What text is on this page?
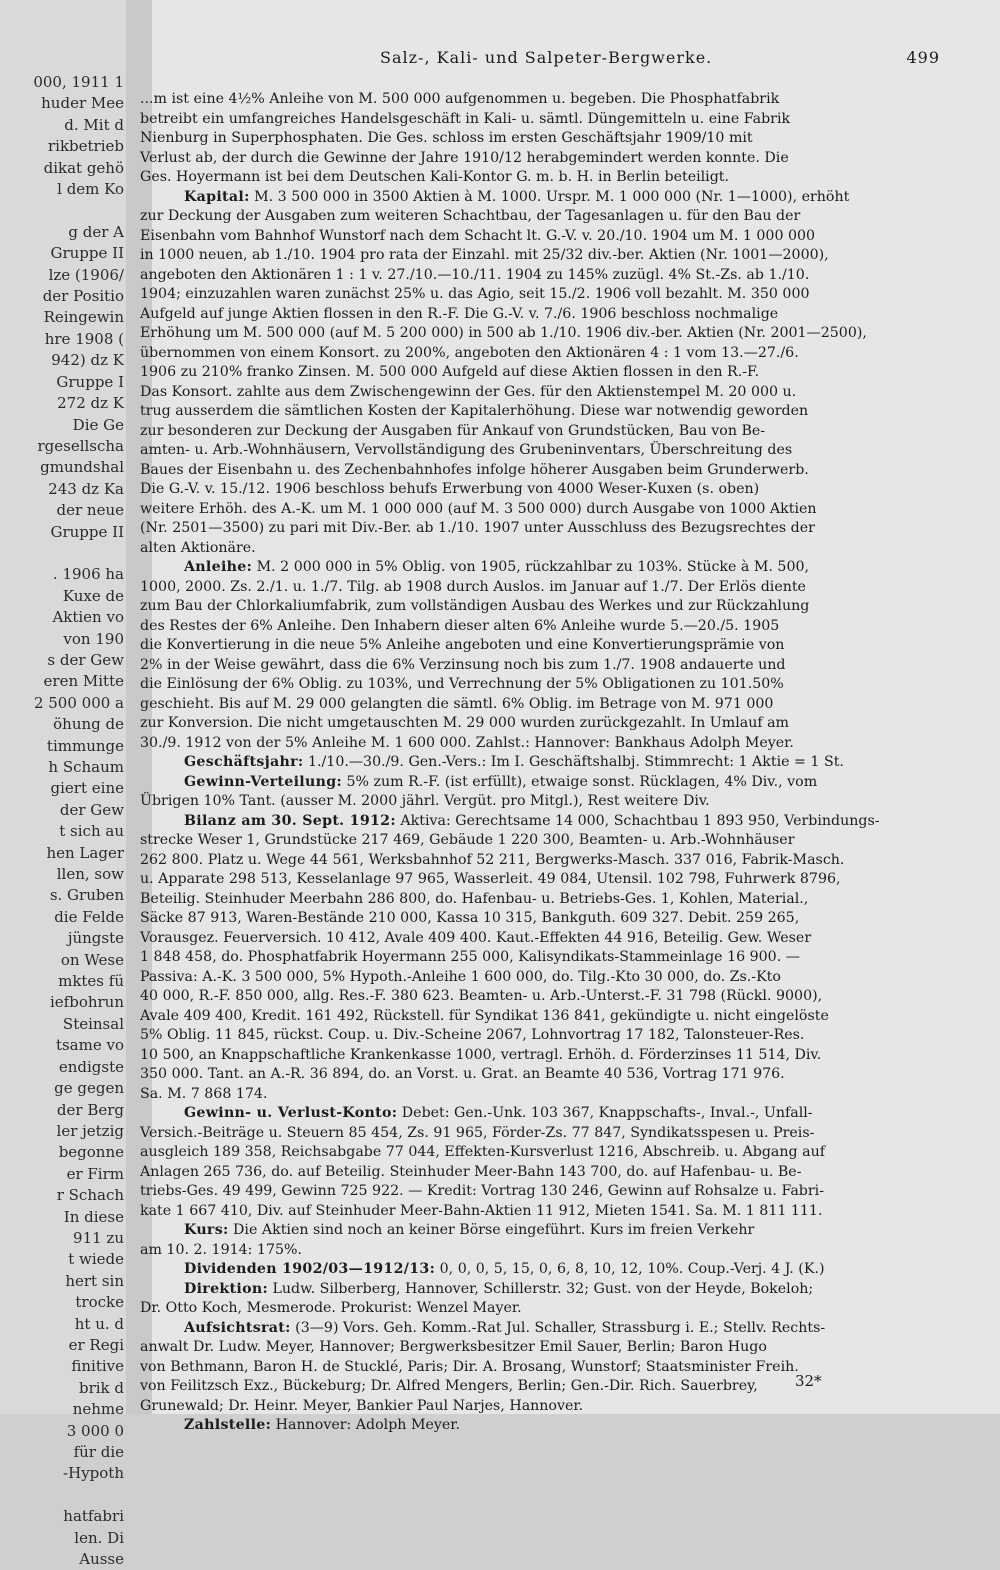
000, 1911 1
huder Mee
d. Mit d
rikbetrieb
dikat gehö
l dem Ko

g der A
Gruppe II
lze (1906/
der Positio
Reingewin
hre 1908 (
942) dz K
Gruppe I
272 dz K
Die Ge
rgesellscha
gmundshal
243 dz Ka
der neue
Gruppe II

. 1906 ha
Kuxe de
Aktien vo
von 190
s der Gew
eren Mitte
2 500 000 a
öhung de
timmunge
h Schaum
giert eine
der Gew
t sich au
hen Lager
llen, sow
s. Gruben
die Felde
jüngste
on Wese
mktes fü
iefbohrun
Steinsal
tsame vo
endigste
ge gegen
der Berg
ler jetzig
begonne
er Firm
r Schach
In diese
911 zu
t wiede
hert sin
trocke
ht u. d
er Regi
finitive
brik d
nehme
3 000 0
für die
-Hypoth

hatfabri
len. Di
Ausse
Salz-, Kali- und Salpeter-Bergwerke.	499
...m ist eine 4½% Anleihe von M. 500 000 aufgenommen u. begeben. Die Phosphatfabrik
betreibt ein umfangreiches Handelsgeschäft in Kali- u. sämtl. Düngemitteln u. eine Fabrik
Nienburg in Superphosphaten. Die Ges. schloss im ersten Geschäftsjahr 1909/10 mit
Verlust ab, der durch die Gewinne der Jahre 1910/12 herabgemindert werden konnte. Die
Ges. Hoyermann ist bei dem Deutschen Kali-Kontor G. m. b. H. in Berlin beteiligt.
Kapital: M. 3 500 000 in 3500 Aktien à M. 1000. Urspr. M. 1 000 000 (Nr. 1—1000), erhöht
zur Deckung der Ausgaben zum weiteren Schachtbau, der Tagesanlagen u. für den Bau der
Eisenbahn vom Bahnhof Wunstorf nach dem Schacht lt. G.-V. v. 20./10. 1904 um M. 1 000 000
in 1000 neuen, ab 1./10. 1904 pro rata der Einzahl. mit 25/32 div.-ber. Aktien (Nr. 1001—2000),
angeboten den Aktionären 1 : 1 v. 27./10.—10./11. 1904 zu 145% zuzügl. 4% St.-Zs. ab 1./10.
1904; einzuzahlen waren zunächst 25% u. das Agio, seit 15./2. 1906 voll bezahlt. M. 350 000
Aufgeld auf junge Aktien flossen in den R.-F. Die G.-V. v. 7./6. 1906 beschloss nochmalige
Erhöhung um M. 500 000 (auf M. 5 200 000) in 500 ab 1./10. 1906 div.-ber. Aktien (Nr. 2001—2500),
übernommen von einem Konsort. zu 200%, angeboten den Aktionären 4 : 1 vom 13.—27./6.
1906 zu 210% franko Zinsen. M. 500 000 Aufgeld auf diese Aktien flossen in den R.-F.
Das Konsort. zahlte aus dem Zwischengewinn der Ges. für den Aktienstempel M. 20 000 u.
trug ausserdem die sämtlichen Kosten der Kapitalerhöhung. Diese war notwendig geworden
zur besonderen zur Deckung der Ausgaben für Ankauf von Grundstücken, Bau von Be-
amten- u. Arb.-Wohnhäusern, Vervollständigung des Grubeninventars, Überschreitung des
Baues der Eisenbahn u. des Zechenbahnhofes infolge höherer Ausgaben beim Grunderwerb.
Die G.-V. v. 15./12. 1906 beschloss behufs Erwerbung von 4000 Weser-Kuxen (s. oben)
weitere Erhöh. des A.-K. um M. 1 000 000 (auf M. 3 500 000) durch Ausgabe von 1000 Aktien
(Nr. 2501—3500) zu pari mit Div.-Ber. ab 1./10. 1907 unter Ausschluss des Bezugsrechtes der
alten Aktionäre.
Anleihe: M. 2 000 000 in 5% Oblig. von 1905, rückzahlbar zu 103%. Stücke à M. 500,
1000, 2000. Zs. 2./1. u. 1./7. Tilg. ab 1908 durch Auslos. im Januar auf 1./7. Der Erlös diente
zum Bau der Chlorkaliumfabrik, zum vollständigen Ausbau des Werkes und zur Rückzahlung
des Restes der 6% Anleihe. Den Inhabern dieser alten 6% Anleihe wurde 5.—20./5. 1905
die Konvertierung in die neue 5% Anleihe angeboten und eine Konvertierungsprämie von
2% in der Weise gewährt, dass die 6% Verzinsung noch bis zum 1./7. 1908 andauerte und
die Einlösung der 6% Oblig. zu 103%, und Verrechnung der 5% Obligationen zu 101.50%
geschieht. Bis auf M. 29 000 gelangten die sämtl. 6% Oblig. im Betrage von M. 971 000
zur Konversion. Die nicht umgetauschten M. 29 000 wurden zurückgezahlt. In Umlauf am
30./9. 1912 von der 5% Anleihe M. 1 600 000. Zahlst.: Hannover: Bankhaus Adolph Meyer.
Geschäftsjahr: 1./10.—30./9. Gen.-Vers.: Im I. Geschäftshalbj. Stimmrecht: 1 Aktie = 1 St.
Gewinn-Verteilung: 5% zum R.-F. (ist erfüllt), etwaige sonst. Rücklagen, 4% Div., vom
Übrigen 10% Tant. (ausser M. 2000 jährl. Vergüt. pro Mitgl.), Rest weitere Div.
Bilanz am 30. Sept. 1912: Aktiva: Gerechtsame 14 000, Schachtbau 1 893 950, Verbindungs-
strecke Weser 1, Grundstücke 217 469, Gebäude 1 220 300, Beamten- u. Arb.-Wohnhäuser
262 800. Platz u. Wege 44 561, Werksbahnhof 52 211, Bergwerks-Masch. 337 016, Fabrik-Masch.
u. Apparate 298 513, Kesselanlage 97 965, Wasserleit. 49 084, Utensil. 102 798, Fuhrwerk 8796,
Beteilig. Steinhuder Meerbahn 286 800, do. Hafenbau- u. Betriebs-Ges. 1, Kohlen, Material.,
Säcke 87 913, Waren-Bestände 210 000, Kassa 10 315, Bankguth. 609 327. Debit. 259 265,
Vorausgez. Feuerversich. 10 412, Avale 409 400. Kaut.-Effekten 44 916, Beteilig. Gew. Weser
1 848 458, do. Phosphatfabrik Hoyermann 255 000, Kalisyndikats-Stammeinlage 16 900. —
Passiva: A.-K. 3 500 000, 5% Hypoth.-Anleihe 1 600 000, do. Tilg.-Kto 30 000, do. Zs.-Kto
40 000, R.-F. 850 000, allg. Res.-F. 380 623. Beamten- u. Arb.-Unterst.-F. 31 798 (Rückl. 9000),
Avale 409 400, Kredit. 161 492, Rückstell. für Syndikat 136 841, gekündigte u. nicht eingelöste
5% Oblig. 11 845, rückst. Coup. u. Div.-Scheine 2067, Lohnvortrag 17 182, Talonsteuer-Res.
10 500, an Knappschaftliche Krankenkasse 1000, vertragl. Erhöh. d. Förderzinses 11 514, Div.
350 000. Tant. an A.-R. 36 894, do. an Vorst. u. Grat. an Beamte 40 536, Vortrag 171 976.
Sa. M. 7 868 174.
Gewinn- u. Verlust-Konto: Debet: Gen.-Unk. 103 367, Knappschafts-, Inval.-, Unfall-
Versich.-Beiträge u. Steuern 85 454, Zs. 91 965, Förder-Zs. 77 847, Syndikatsspesen u. Preis-
ausgleich 189 358, Reichsabgabe 77 044, Effekten-Kursverlust 1216, Abschreib. u. Abgang auf
Anlagen 265 736, do. auf Beteilig. Steinhuder Meer-Bahn 143 700, do. auf Hafenbau- u. Be-
triebs-Ges. 49 499, Gewinn 725 922. — Kredit: Vortrag 130 246, Gewinn auf Rohsalze u. Fabri-
kate 1 667 410, Div. auf Steinhuder Meer-Bahn-Aktien 11 912, Mieten 1541. Sa. M. 1 811 111.
Kurs: Die Aktien sind noch an keiner Börse eingeführt. Kurs im freien Verkehr
am 10. 2. 1914: 175%.
Dividenden 1902/03—1912/13: 0, 0, 0, 5, 15, 0, 6, 8, 10, 12, 10%. Coup.-Verj. 4 J. (K.)
Direktion: Ludw. Silberberg, Hannover, Schillerstr. 32; Gust. von der Heyde, Bokeloh;
Dr. Otto Koch, Mesmerode. Prokurist: Wenzel Mayer.
Aufsichtsrat: (3—9) Vors. Geh. Komm.-Rat Jul. Schaller, Strassburg i. E.; Stellv. Rechts-
anwalt Dr. Ludw. Meyer, Hannover; Bergwerksbesitzer Emil Sauer, Berlin; Baron Hugo
von Bethmann, Baron H. de Stucklé, Paris; Dir. A. Brosang, Wunstorf; Staatsminister Freih.
von Feilitzsch Exz., Bückeburg; Dr. Alfred Mengers, Berlin; Gen.-Dir. Rich. Sauerbrey,
Grunewald; Dr. Heinr. Meyer, Bankier Paul Narjes, Hannover.
Zahlstelle: Hannover: Adolph Meyer.
32*
